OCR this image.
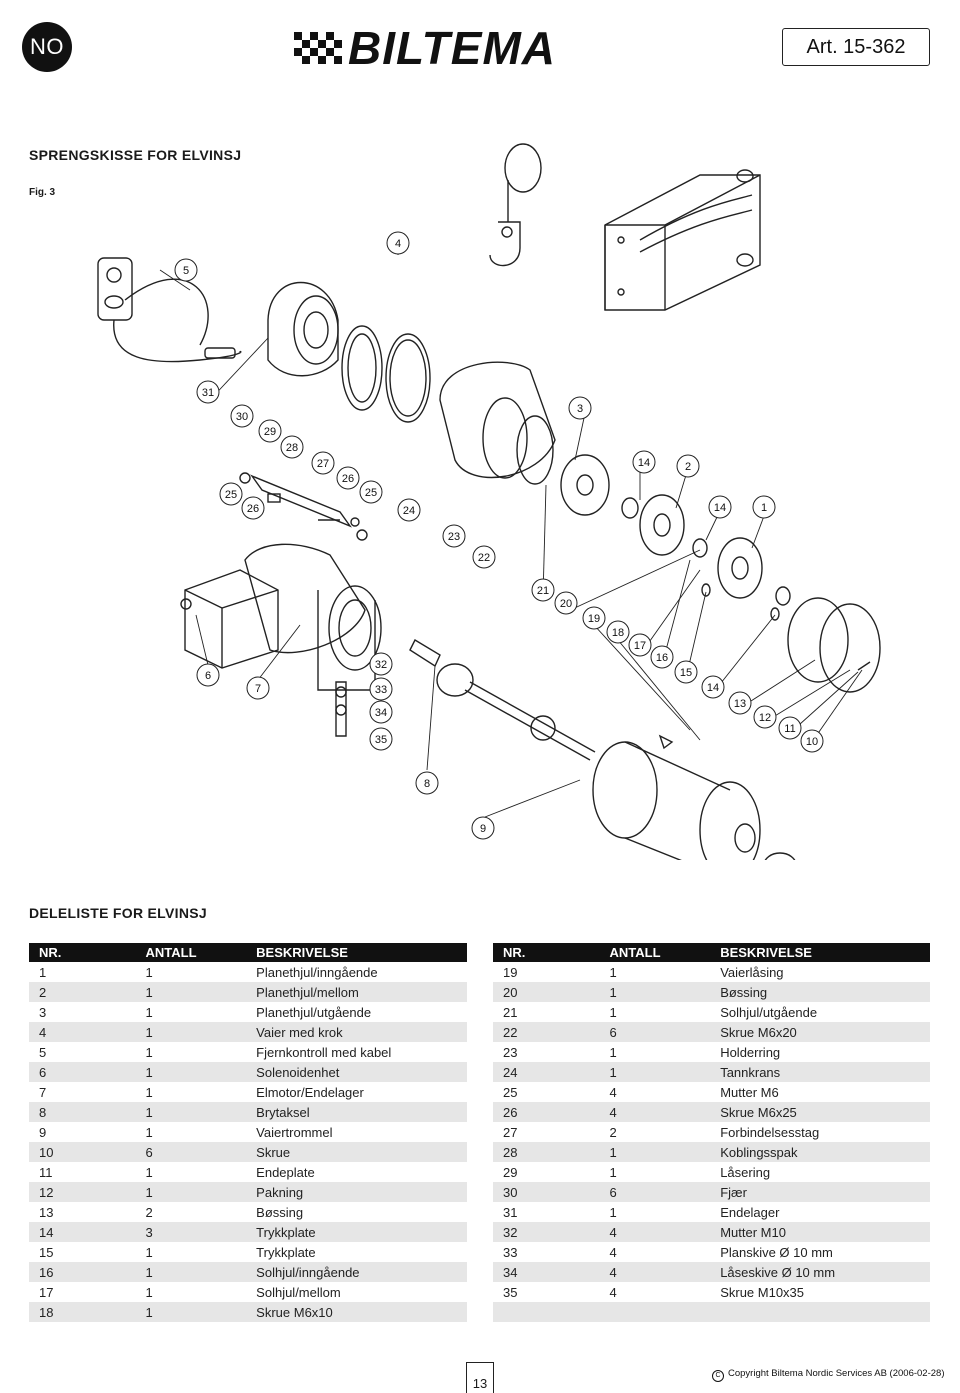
NO	BILTEMA	Art. 15-362
SPRENGSKISSE FOR ELVINSJ
Fig. 3
4
5
31
30
29
28
27
26
25
26
25
24
23
22
3
14	2
14	1
21
20
19
18
17
16
15
14
13
12
11
10
6
7
32
33
34
35
8
9
DELELISTE FOR ELVINSJ
NR.	ANTALL	BESKRIVELSE
1	1	Planethjul/inngående
2	1	Planethjul/mellom
3	1	Planethjul/utgående
4	1	Vaier med krok
5	1	Fjernkontroll med kabel
6	1	Solenoidenhet
7	1	Elmotor/Endelager
8	1	Brytaksel
9	1	Vaiertrommel
10	6	Skrue
11	1	Endeplate
12	1	Pakning
13	2	Bøssing
14	3	Trykkplate
15	1	Trykkplate
16	1	Solhjul/inngående
17	1	Solhjul/mellom
18	1	Skrue M6x10
NR.	ANTALL	BESKRIVELSE
19	1	Vaierlåsing
20	1	Bøssing
21	1	Solhjul/utgående
22	6	Skrue M6x20
23	1	Holderring
24	1	Tannkrans
25	4	Mutter M6
26	4	Skrue M6x25
27	2	Forbindelsesstag
28	1	Koblingsspak
29	1	Låsering
30	6	Fjær
31	1	Endelager
32	4	Mutter M10
33	4	Planskive Ø 10 mm
34	4	Låseskive Ø 10 mm
35	4	Skrue M10x35

13
C Copyright Biltema Nordic Services AB (2006-02-28)
